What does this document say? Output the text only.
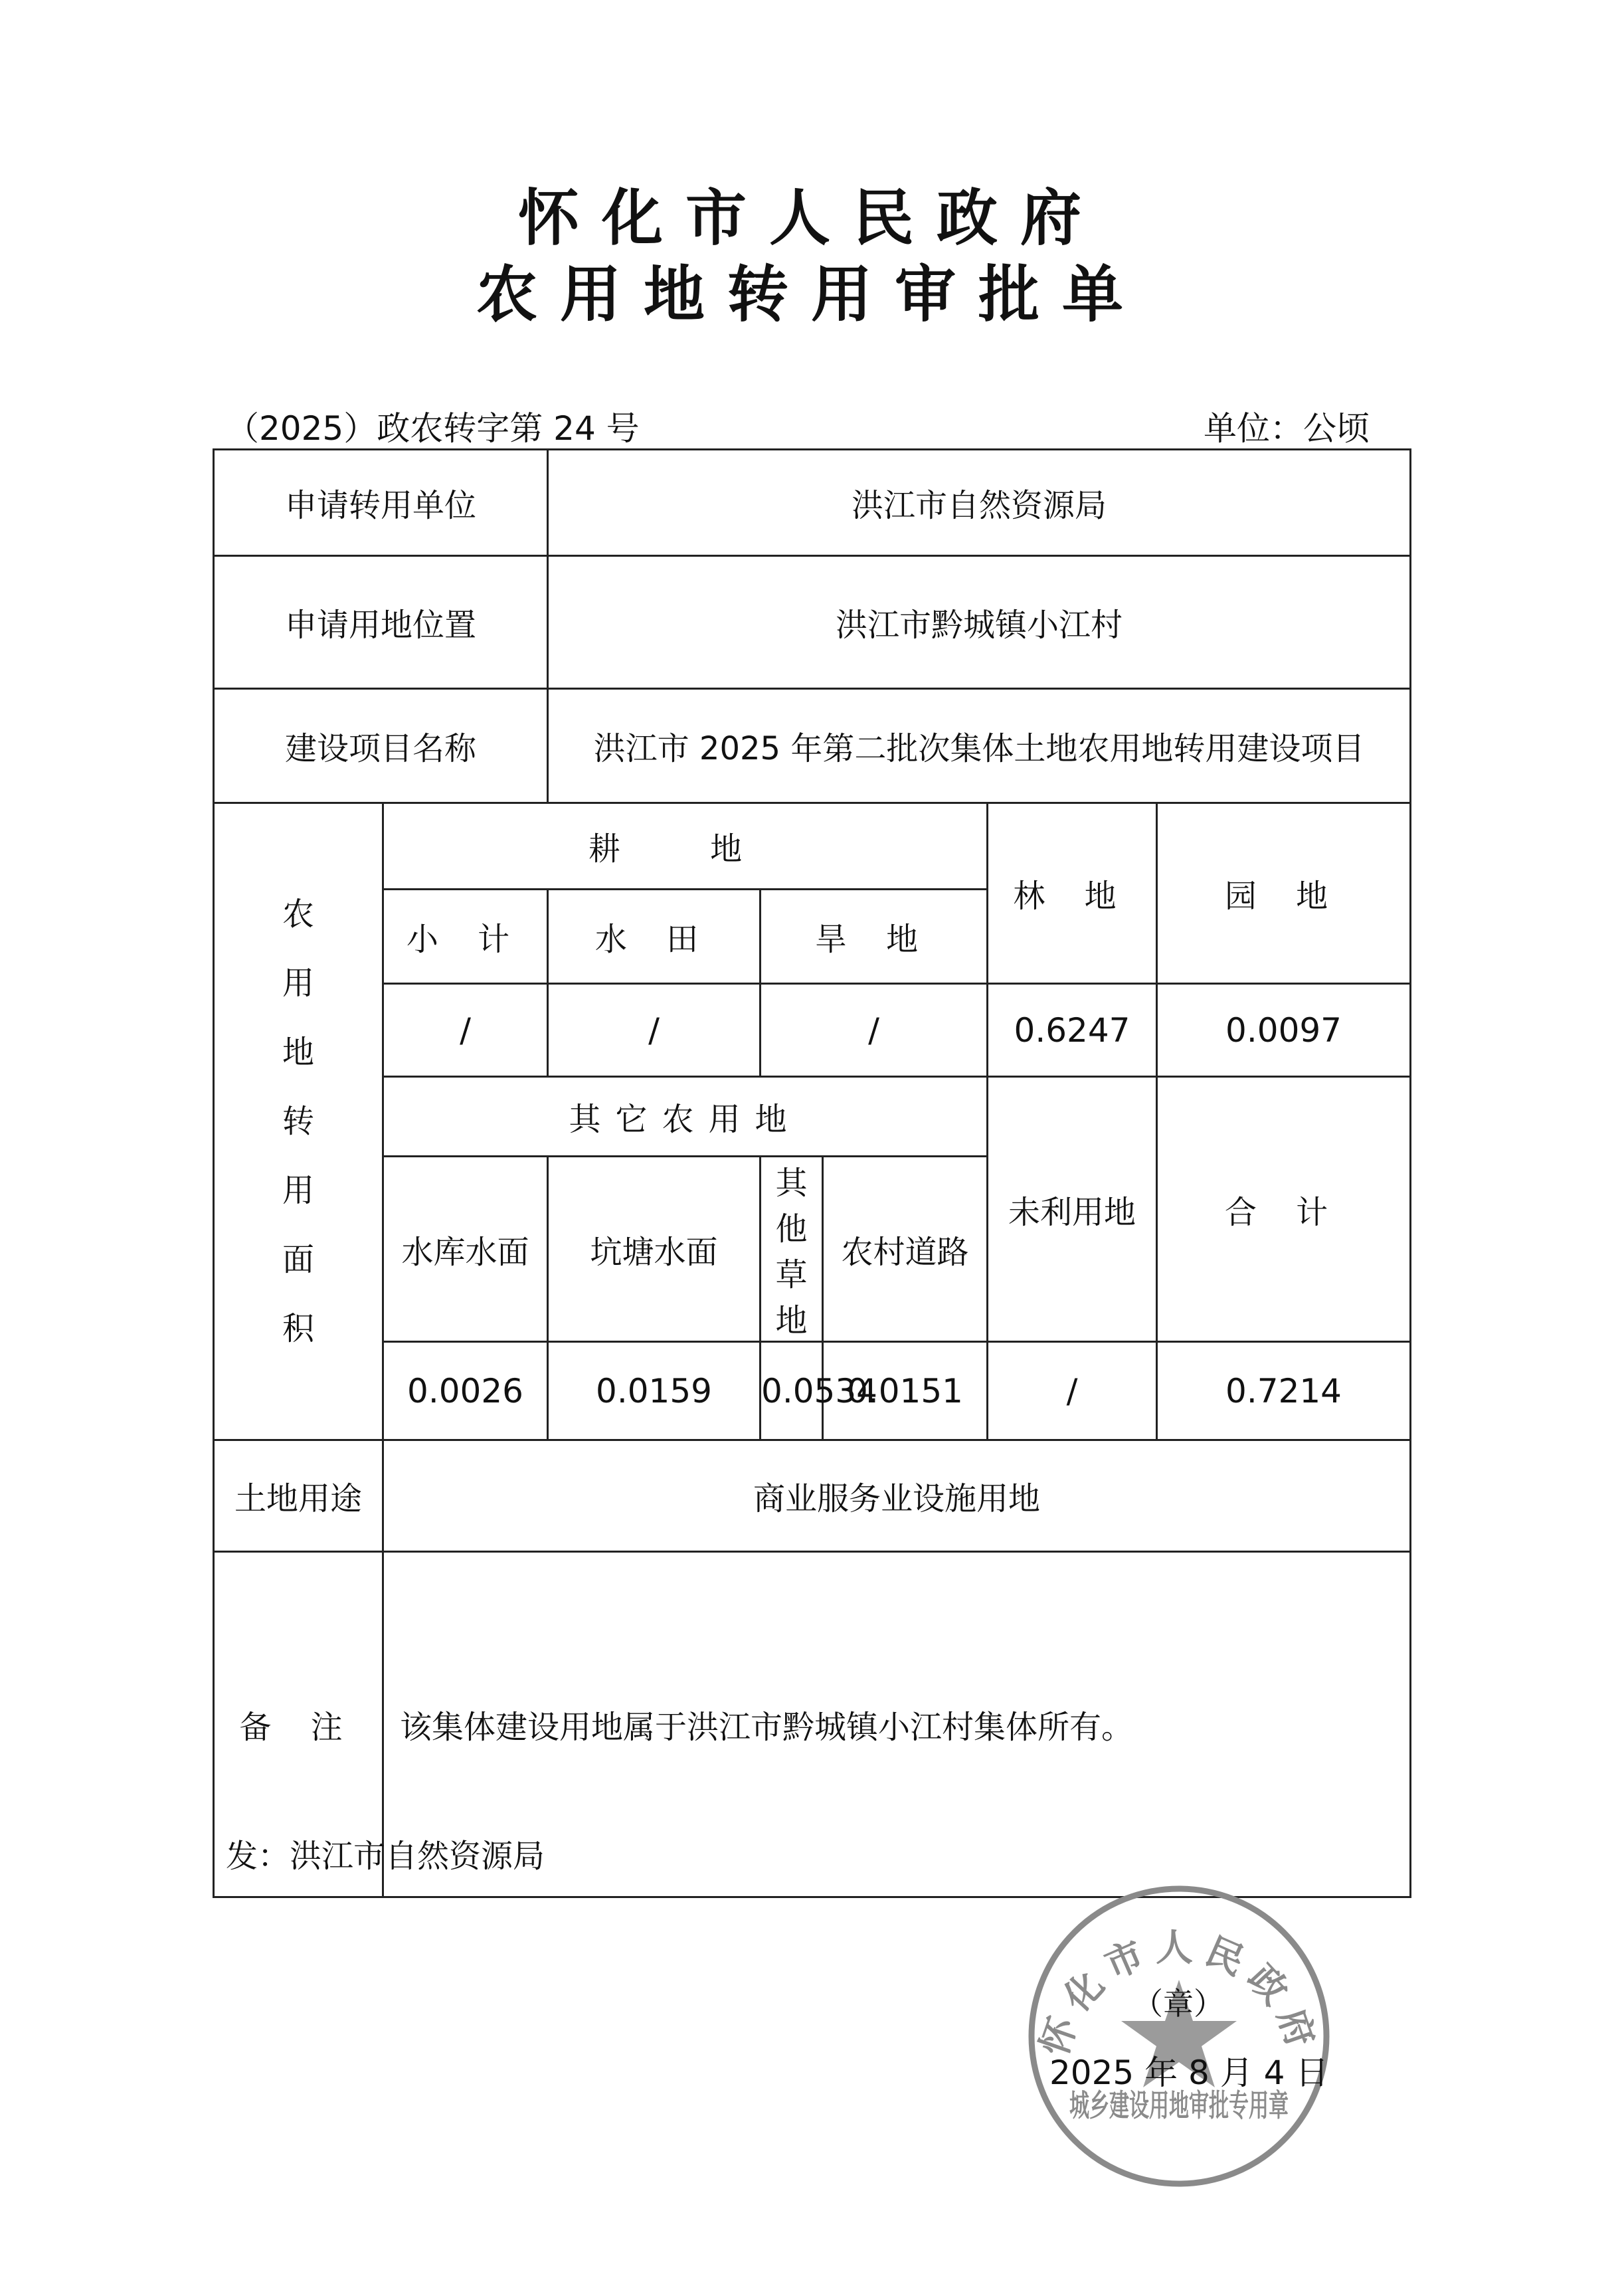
怀化市人民政府
农用地转用审批单
（2025）政农转字第 24 号	单位：公顷
申请转用单位		洪江市自然资源局				
申请用地位置		洪江市黔城镇小江村				
建设项目名称		洪江市 2025 年第二批次集体土地农用地转用建设项目				
农用地转用面积	耕 地				林 地	园 地
	小 计	水 田	旱 地			
	/	/	/		0.6247	0.0097
	其它农用地				未利用地	合 计
	水库水面	坑塘水面	其他草地	农村道路		
	0.0026	0.0159	0.0534	0.0151	/	0.7214
土地用途	商业服务业设施用地					
备 注	该集体建设用地属于洪江市黔城镇小江村集体所有。					
发：洪江市自然资源局
怀化市人民政府
城乡建设用地审批专用章
（章）
2025 年 8 月 4 日
